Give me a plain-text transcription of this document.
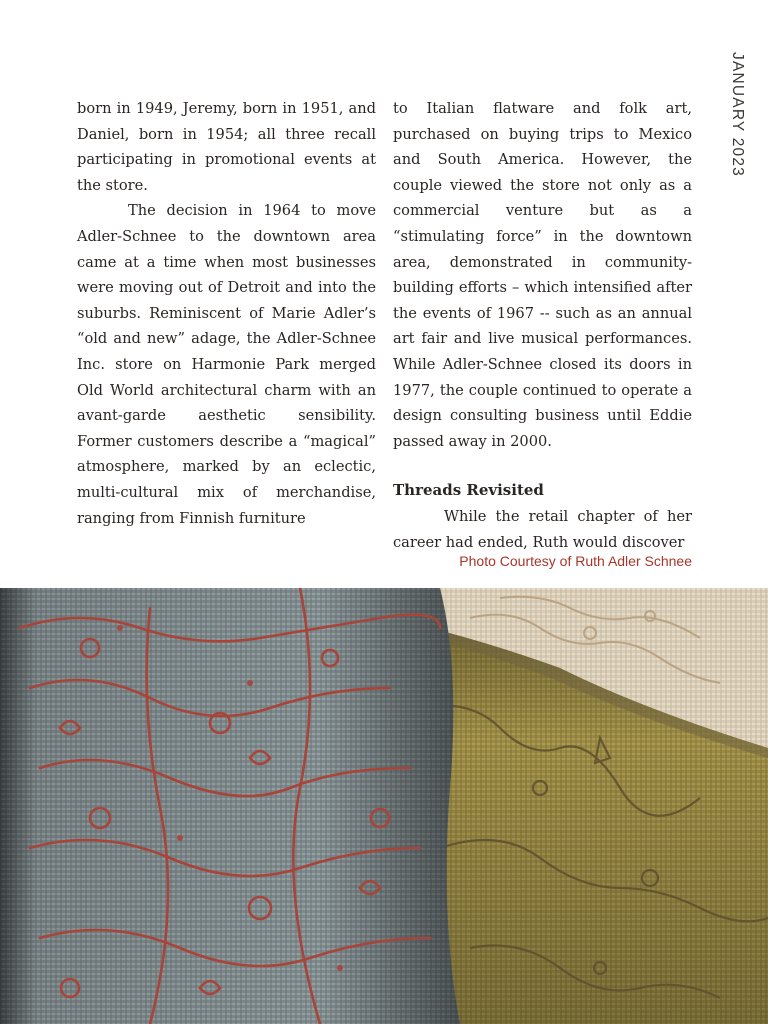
JANUARY 2023

born in 1949, Jeremy, born in 1951, and Daniel, born in 1954; all three recall participating in promotional events at the store.

The decision in 1964 to move Adler-Schnee to the downtown area came at a time when most businesses were moving out of Detroit and into the suburbs. Reminiscent of Marie Adler’s “old and new” adage, the Adler-Schnee Inc. store on Harmonie Park merged Old World architectural charm with an avant-garde aesthetic sensibility. Former customers describe a “magical” atmosphere, marked by an eclectic, multi-cultural mix of merchandise, ranging from Finnish furniture

to Italian flatware and folk art, purchased on buying trips to Mexico and South America. However, the couple viewed the store not only as a commercial venture but as a “stimulating force” in the downtown area, demonstrated in community-building efforts – which intensified after the events of 1967 -- such as an annual art fair and live musical performances. While Adler-Schnee closed its doors in 1977, the couple continued to operate a design consulting business until Eddie passed away in 2000.

Threads Revisited

While the retail chapter of her career had ended, Ruth would discover

Photo Courtesy of Ruth Adler Schnee
